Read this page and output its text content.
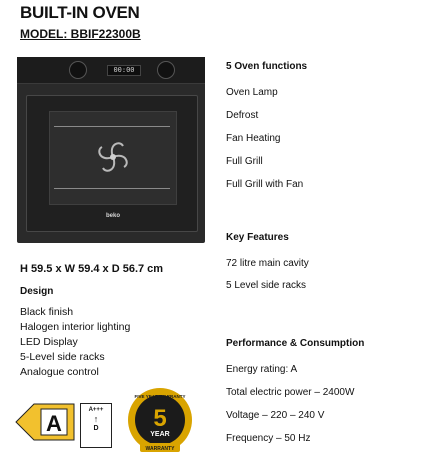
BUILT-IN OVEN
MODEL: BBIF22300B
00:00
beko
H 59.5 x W 59.4 x D 56.7 cm
Design
Black finish
Halogen interior lighting
LED Display
5-Level side racks
Analogue control
5 Oven functions
Oven Lamp
Defrost
Fan Heating
Full Grill
Full Grill with Fan
Key Features
72 litre main cavity
5 Level side racks
Performance & Consumption
Energy rating: A
Total electric power – 2400W
Voltage – 220 – 240 V
Frequency – 50 Hz
A
A+++
↑
D
FIVE YEAR WARRANTY
5
YEAR
WARRANTY
